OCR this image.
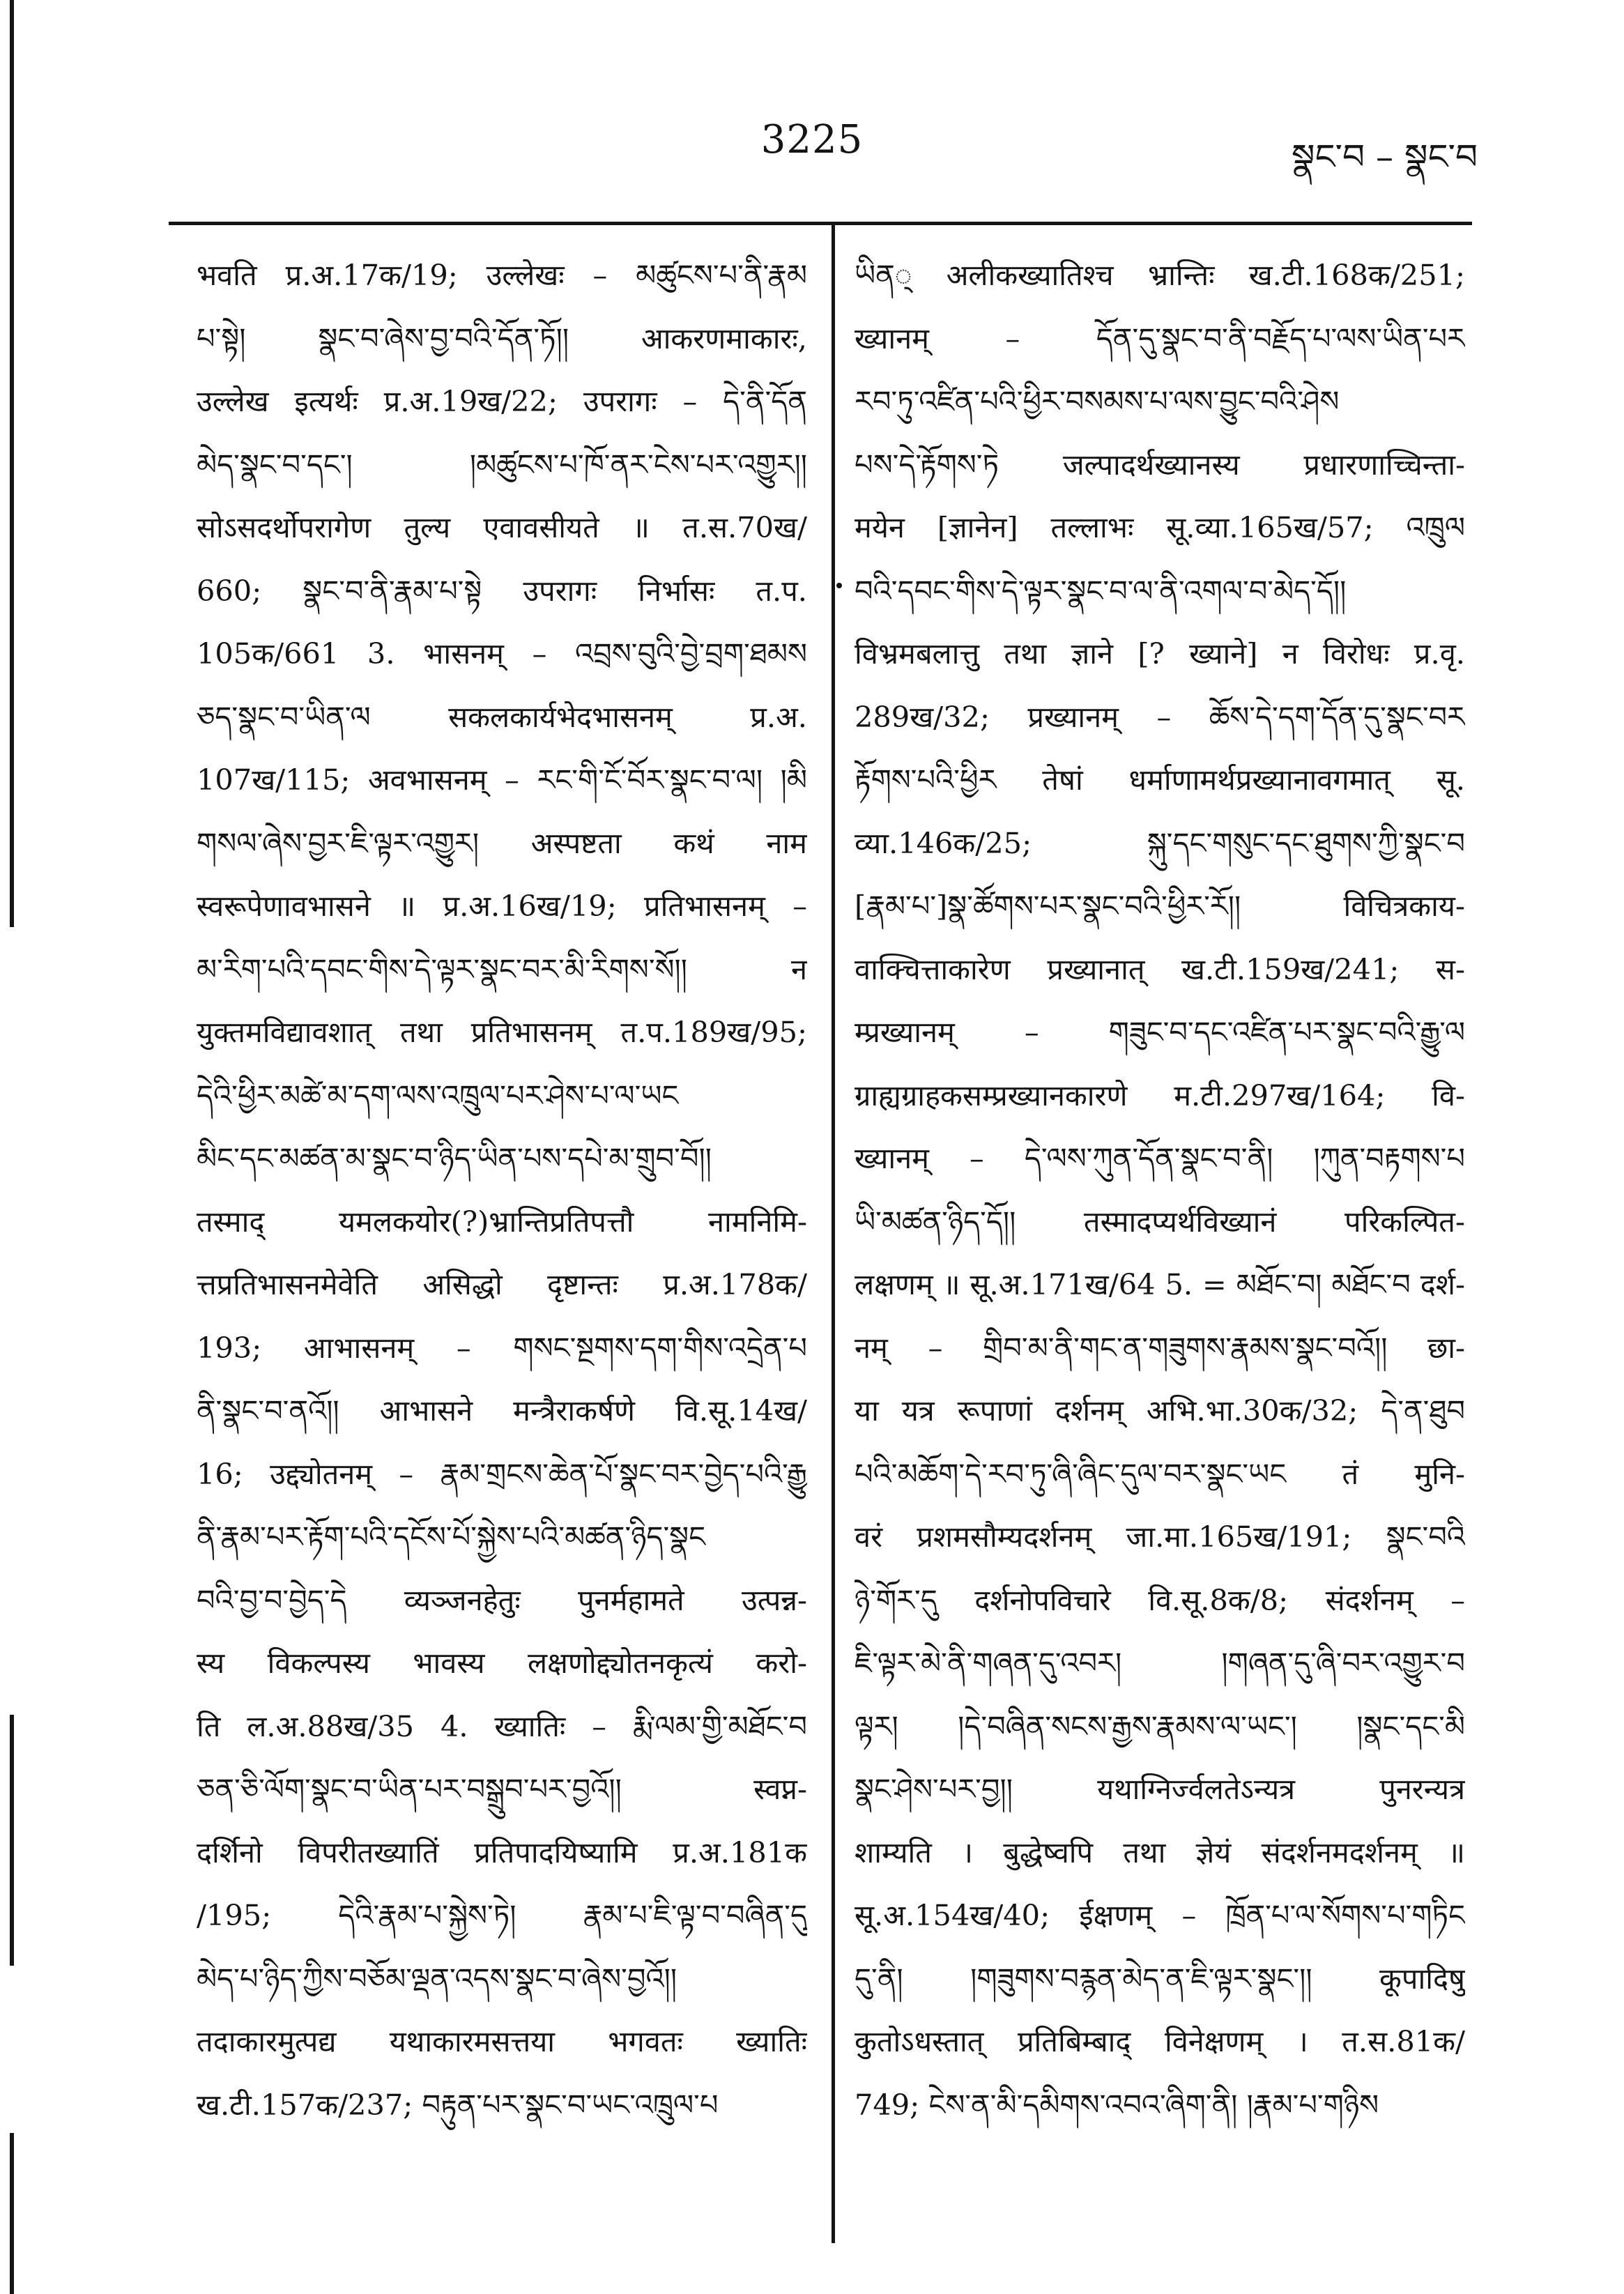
3225	སྣང་བ – སྣང་བ
भवति प्र.अ.17क/19; उल्लेखः – མཚུངས་པ་ནི་རྣམ
པ་སྟེ། སྣང་བ་ཞེས་བྱ་བའི་དོན་ཏོ།། आकरणमाकारः,
उल्लेख इत्यर्थः प्र.अ.19ख/22; उपरागः – དེ་ནི་དོན
མེད་སྣང་བ་དང་། །མཚུངས་པ་ཁོ་ནར་ངེས་པར་འགྱུར།།
सोऽसदर्थोपरागेण तुल्य एवावसीयते ॥ त.स.70ख/
660; སྣང་བ་ནི་རྣམ་པ་སྟེ उपरागः निर्भासः त.प.
105क/661 3. भासनम् – འབྲས་བུའི་བྱེ་བྲག་ཐམས
ཅད་སྣང་བ་ཡིན་ལ सकलकार्यभेदभासनम् प्र.अ.
107ख/115; अवभासनम् – རང་གི་ངོ་བོར་སྣང་བ་ལ། །མི
གསལ་ཞེས་བྱར་ཇི་ལྟར་འགྱུར། अस्पष्टता कथं नाम
स्वरूपेणावभासने ॥ प्र.अ.16ख/19; प्रतिभासनम् –
མ་རིག་པའི་དབང་གིས་དེ་ལྟར་སྣང་བར་མི་རིགས་སོ།། न
युक्तमविद्यावशात् तथा प्रतिभासनम् त.प.189ख/95;
དེའི་ཕྱིར་མཚེ་མ་དག་ལས་འཁྲུལ་པར་ཤེས་པ་ལ་ཡང
མིང་དང་མཚན་མ་སྣང་བ་ཉིད་ཡིན་པས་དཔེ་མ་གྲུབ་བོ།།
तस्माद् यमलकयोर(?)भ्रान्तिप्रतिपत्तौ नामनिमि-
त्तप्रतिभासनमेवेति असिद्धो दृष्टान्तः प्र.अ.178क/
193; आभासनम् – གསང་སྔགས་དག་གིས་འདྲེན་པ
ནི་སྣང་བ་ནའོ།། आभासने मन्त्रैराकर्षणे वि.सू.14ख/
16; उद्द्योतनम् – རྣམ་གྲངས་ཆེན་པོ་སྣང་བར་བྱེད་པའི་རྒྱུ
ནི་རྣམ་པར་རྟོག་པའི་དངོས་པོ་སྐྱེས་པའི་མཚན་ཉིད་སྣང
བའི་བྱ་བ་བྱེད་དེ व्यञ्जनहेतुः पुनर्महामते उत्पन्न-
स्य विकल्पस्य भावस्य लक्षणोद्द्योतनकृत्यं करो-
ति ल.अ.88ख/35 4. ख्यातिः – རྨི་ལམ་གྱི་མཐོང་བ
ཅན་ཅི་ལོག་སྣང་བ་ཡིན་པར་བསྒྲུབ་པར་བྱའོ།། स्वप्न-
दर्शिनो विपरीतख्यातिं प्रतिपादयिष्यामि प्र.अ.181क
/195; དེའི་རྣམ་པ་སྐྱེས་ཏེ། རྣམ་པ་ཇི་ལྟ་བ་བཞིན་དུ
མེད་པ་ཉིད་ཀྱིས་བཅོམ་ལྡན་འདས་སྣང་བ་ཞེས་བྱའོ།།
तदाकारमुत्पद्य यथाकारमसत्तया भगवतः ख्यातिः
ख.टी.157क/237; བརྟུན་པར་སྣང་བ་ཡང་འཁྲུལ་པ
ཡིན् अलीकख्यातिश्च भ्रान्तिः ख.टी.168क/251;
ख्यानम् – དོན་དུ་སྣང་བ་ནི་བརྗོད་པ་ལས་ཡིན་པར
རབ་ཏུ་འཛིན་པའི་ཕྱིར་བསམས་པ་ལས་བྱུང་བའི་ཤེས
པས་དེ་རྟོགས་ཏེ जल्पादर्थख्यानस्य प्रधारणाच्चिन्ता-
मयेन [ज्ञानेन] तल्लाभः सू.व्या.165ख/57; འཁྲུལ
བའི་དབང་གིས་དེ་ལྟར་སྣང་བ་ལ་ནི་འགལ་བ་མེད་དོ།།
विभ्रमबलात्तु तथा ज्ञाने [? ख्याने] न विरोधः प्र.वृ.
289ख/32; प्रख्यानम् – ཆོས་དེ་དག་དོན་དུ་སྣང་བར
རྟོགས་པའི་ཕྱིར तेषां धर्माणामर्थप्रख्यानावगमात् सू.
व्या.146क/25; སྐུ་དང་གསུང་དང་ཐུགས་ཀྱི་སྣང་བ
[རྣམ་པ་]སྣ་ཚོགས་པར་སྣང་བའི་ཕྱིར་རོ།། विचित्रकाय-
वाक्चित्ताकारेण प्रख्यानात् ख.टी.159ख/241; स-
म्प्रख्यानम् – གཟུང་བ་དང་འཛིན་པར་སྣང་བའི་རྒྱུ་ལ
ग्राह्यग्राहकसम्प्रख्यानकारणे म.टी.297ख/164; वि-
ख्यानम् – དེ་ལས་ཀུན་དོན་སྣང་བ་ནི། །ཀུན་བརྟགས་པ
ཡི་མཚན་ཉིད་དོ།། तस्मादप्यर्थविख्यानं परिकल्पित-
लक्षणम् ॥ सू.अ.171ख/64 5. = མཐོང་བ། མཐོང་བ दर्श-
नम् – གྲིབ་མ་ནི་གང་ན་གཟུགས་རྣམས་སྣང་བའོ།། छा-
या यत्र रूपाणां दर्शनम् अभि.भा.30क/32; དེ་ན་ཐུབ
པའི་མཆོག་དེ་རབ་ཏུ་ཞི་ཞིང་དུལ་བར་སྣང་ཡང तं मुनि-
वरं प्रशमसौम्यदर्शनम् जा.मा.165ख/191; སྣང་བའི
ཉེ་གོར་དུ दर्शनोपविचारे वि.सू.8क/8; संदर्शनम् –
ཇི་ལྟར་མེ་ནི་གཞན་དུ་འབར། །གཞན་དུ་ཞི་བར་འགྱུར་བ
ལྟར། །དེ་བཞིན་སངས་རྒྱས་རྣམས་ལ་ཡང་། །སྣང་དང་མི
སྣང་ཤེས་པར་བྱ།། यथाग्निर्ज्वलतेऽन्यत्र पुनरन्यत्र
शाम्यति । बुद्धेष्वपि तथा ज्ञेयं संदर्शनमदर्शनम् ॥
सू.अ.154ख/40; ईक्षणम् – ཁྲོན་པ་ལ་སོགས་པ་གཏིང
དུ་ནི། །གཟུགས་བརྙན་མེད་ན་ཇི་ལྟར་སྣང་།། कूपादिषु
कुतोऽधस्तात् प्रतिबिम्बाद् विनेक्षणम् । त.स.81क/
749; ངེས་ན་མི་དམིགས་འབའ་ཞིག་ནི། །རྣམ་པ་གཉིས
